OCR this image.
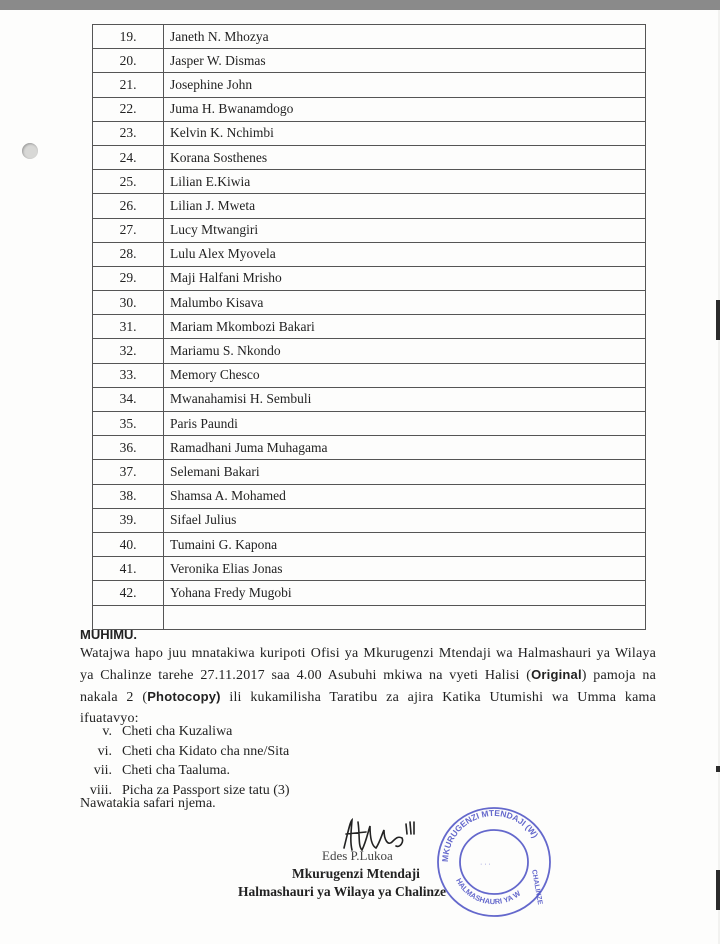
19.	Janeth N. Mhozya
20.	Jasper W. Dismas
21.	Josephine John
22.	Juma H. Bwanamdogo
23.	Kelvin K. Nchimbi
24.	Korana Sosthenes
25.	Lilian E.Kiwia
26.	Lilian J. Mweta
27.	Lucy Mtwangiri
28.	Lulu Alex Myovela
29.	Maji Halfani Mrisho
30.	Malumbo Kisava
31.	Mariam Mkombozi Bakari
32.	Mariamu S. Nkondo
33.	Memory Chesco
34.	Mwanahamisi H. Sembuli
35.	Paris Paundi
36.	Ramadhani Juma Muhagama
37.	Selemani Bakari
38.	Shamsa A. Mohamed
39.	Sifael Julius
40.	Tumaini G. Kapona
41.	Veronika Elias Jonas
42.	Yohana Fredy Mugobi

MUHIMU.
Watajwa hapo juu mnatakiwa kuripoti Ofisi ya Mkurugenzi Mtendaji wa Halmashauri ya Wilaya ya Chalinze tarehe 27.11.2017 saa 4.00 Asubuhi mkiwa na vyeti Halisi (Original) pamoja na nakala 2 (Photocopy) ili kukamilisha Taratibu za ajira Katika Utumishi wa Umma kama ifuatavyo:
v. Cheti cha Kuzaliwa
vi. Cheti cha Kidato cha nne/Sita
vii. Cheti cha Taaluma.
viii. Picha za Passport size tatu (3)
Nawatakia safari njema.
Edes P.Lukoa
Mkurugenzi Mtendaji
Halmashauri ya Wilaya ya Chalinze
MKURUGENZI MTENDAJI (W)
HALMASHAURI YA W CHALINZE
· · ·
